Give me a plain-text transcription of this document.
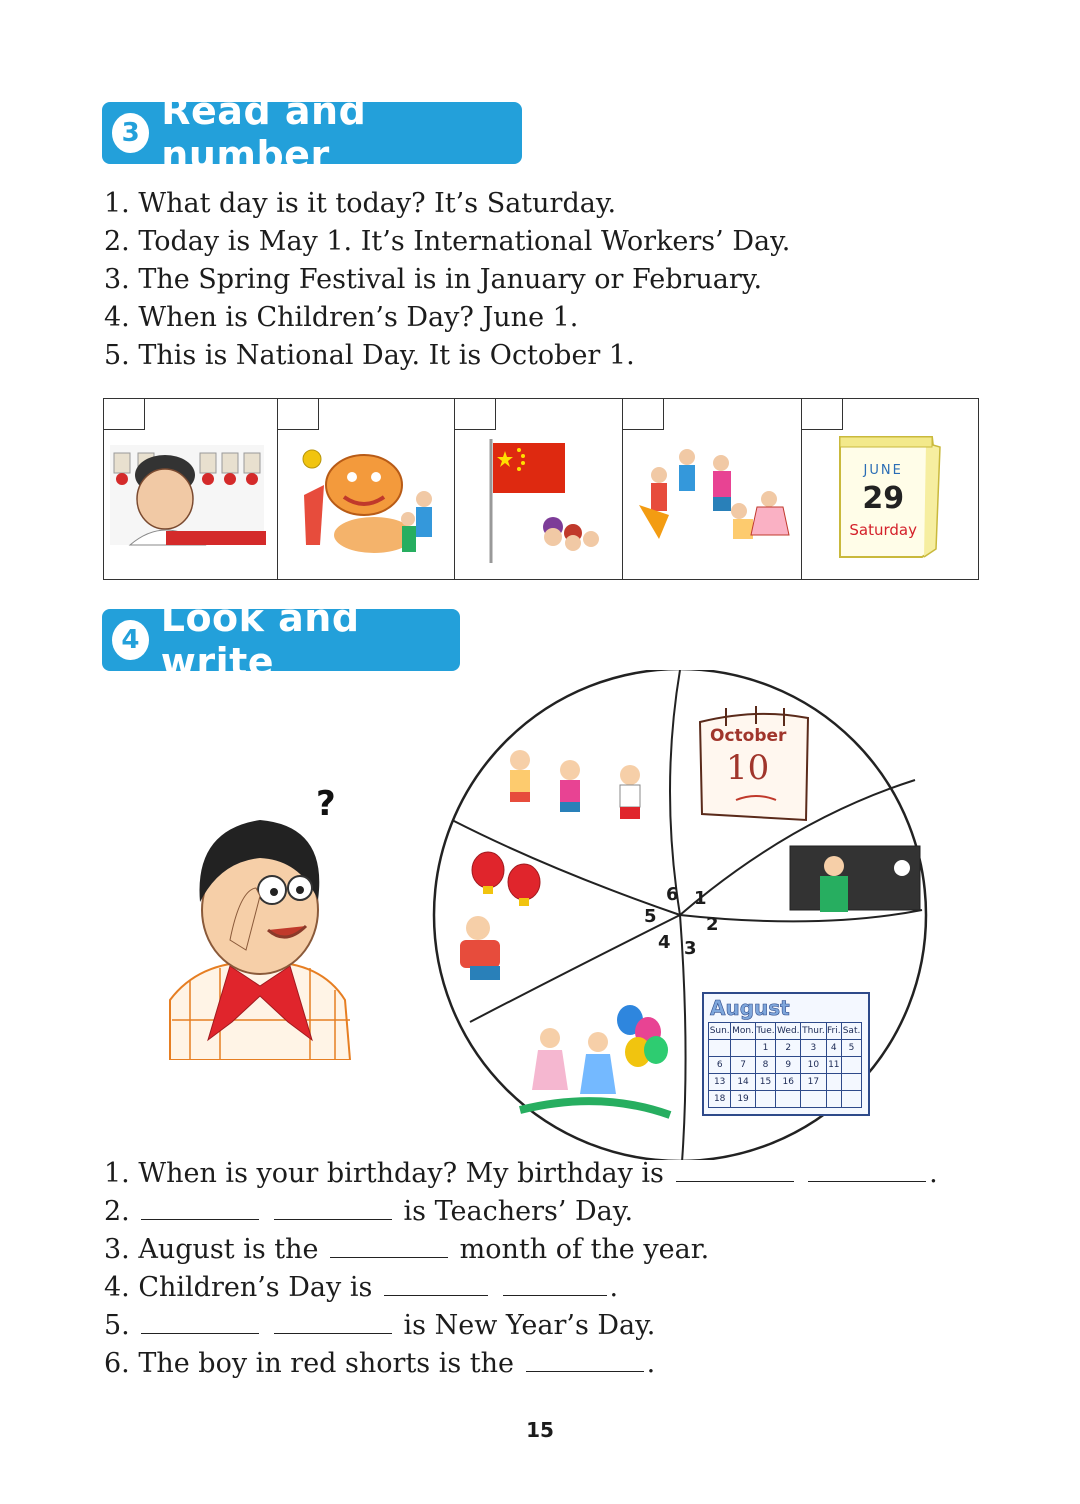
3 Read and number
1. What day is it today? It’s Saturday.
2. Today is May 1. It’s International Workers’ Day.
3. The Spring Festival is in January or February.
4. When is Children’s Day? June 1.
5. This is National Day. It is October 1.
JUNE
29
Saturday
4 Look and write
?
October
10
August
Sun.	Mon.	Tue.	Wed.	Thur.	Fri.	Sat.
		1	2	3	4	5
6	7	8	9	10	11	
13	14	15	16	17		
18	19					
1
2
3
4
5
6
1. When is your birthday? My birthday is	.
2.	is Teachers’ Day.
3. August is the	month of the year.
4. Children’s Day is	.
5.	is New Year’s Day.
6. The boy in red shorts is the	.
15
